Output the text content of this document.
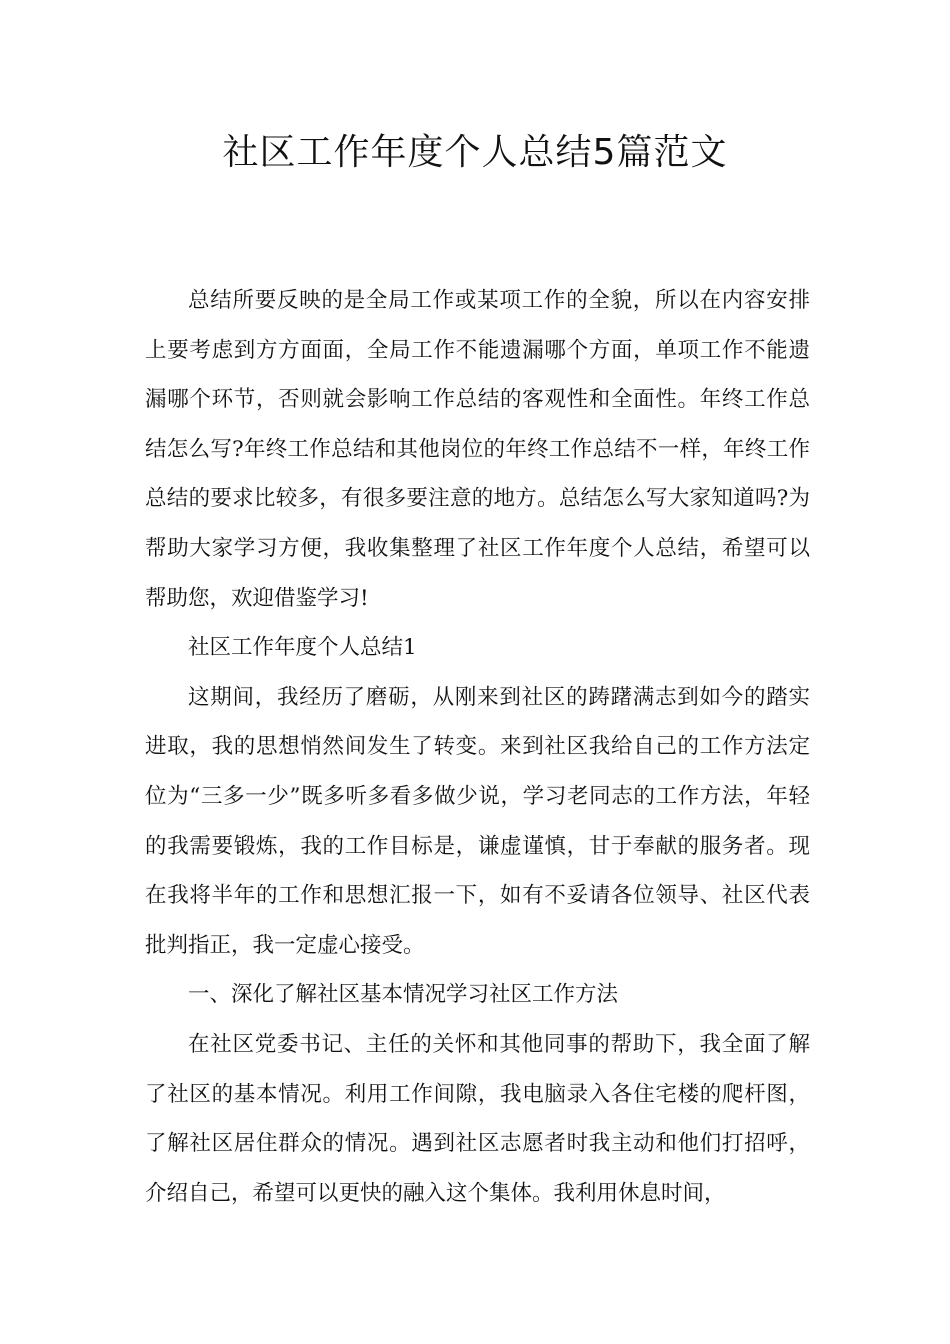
社区工作年度个人总结5篇范文

总结所要反映的是全局工作或某项工作的全貌，所以在内容安排上要考虑到方方面面，全局工作不能遗漏哪个方面，单项工作不能遗漏哪个环节，否则就会影响工作总结的客观性和全面性。年终工作总结怎么写?年终工作总结和其他岗位的年终工作总结不一样，年终工作总结的要求比较多，有很多要注意的地方。总结怎么写大家知道吗?为帮助大家学习方便，我收集整理了社区工作年度个人总结，希望可以帮助您，欢迎借鉴学习!

社区工作年度个人总结1

这期间，我经历了磨砺，从刚来到社区的踌躇满志到如今的踏实进取，我的思想悄然间发生了转变。来到社区我给自己的工作方法定位为“三多一少”既多听多看多做少说，学习老同志的工作方法，年轻的我需要锻炼，我的工作目标是，谦虚谨慎，甘于奉献的服务者。现在我将半年的工作和思想汇报一下，如有不妥请各位领导、社区代表批判指正，我一定虚心接受。

一、深化了解社区基本情况学习社区工作方法

在社区党委书记、主任的关怀和其他同事的帮助下，我全面了解了社区的基本情况。利用工作间隙，我电脑录入各住宅楼的爬杆图，了解社区居住群众的情况。遇到社区志愿者时我主动和他们打招呼，介绍自己，希望可以更快的融入这个集体。我利用休息时间，
